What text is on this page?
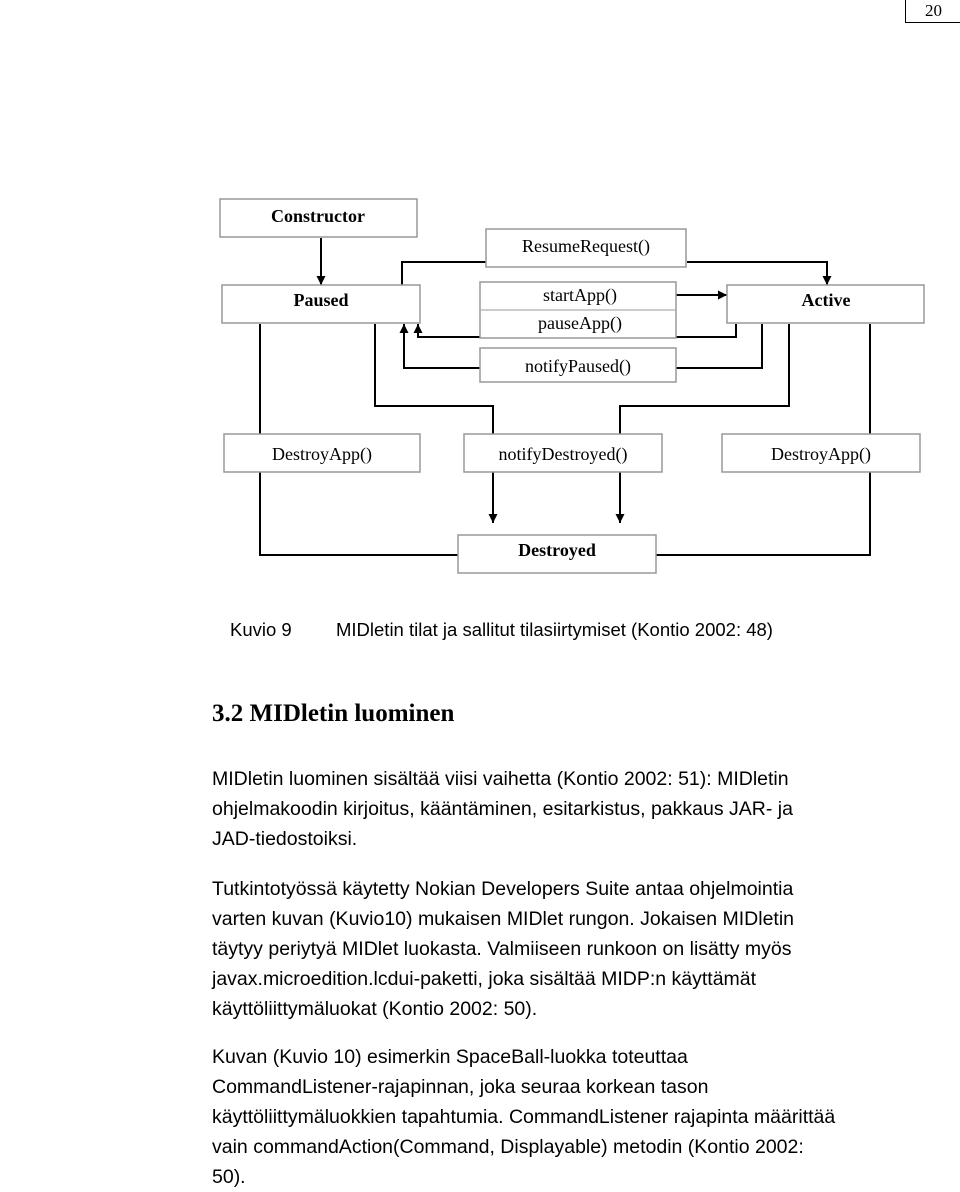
20
Constructor
ResumeRequest()
Paused	startApp()
pauseApp()
Active
notifyPaused()
DestroyApp()	notifyDestroyed()	DestroyApp()
Destroyed
Kuvio 9 MIDletin tilat ja sallitut tilasiirtymiset (Kontio 2002: 48)
3.2 MIDletin luominen

MIDletin luominen sisältää viisi vaihetta (Kontio 2002: 51): MIDletin
ohjelmakoodin kirjoitus, kääntäminen, esitarkistus, pakkaus JAR- ja
JAD-tiedostoiksi.

Tutkintotyössä käytetty Nokian Developers Suite antaa ohjelmointia
varten kuvan (Kuvio10) mukaisen MIDlet rungon. Jokaisen MIDletin
täytyy periytyä MIDlet luokasta. Valmiiseen runkoon on lisätty myös
javax.microedition.lcdui-paketti, joka sisältää MIDP:n käyttämät
käyttöliittymäluokat (Kontio 2002: 50).

Kuvan (Kuvio 10) esimerkin SpaceBall-luokka toteuttaa
CommandListener-rajapinnan, joka seuraa korkean tason
käyttöliittymäluokkien tapahtumia. CommandListener rajapinta määrittää
vain commandAction(Command, Displayable) metodin (Kontio 2002:
50).
